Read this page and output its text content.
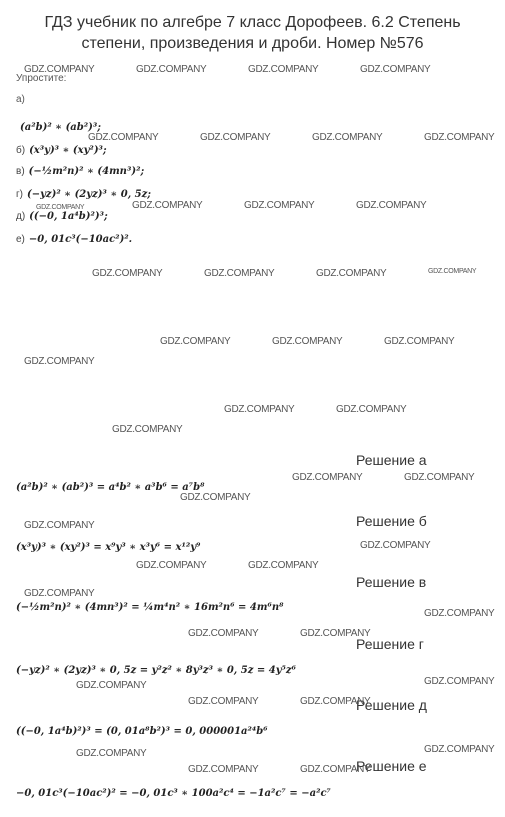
ГДЗ учебник по алгебре 7 класс Дорофеев. 6.2 Степень
степени, произведения и дроби. Номер №576
Упростите:
а)
(a²b)² ∗ (ab²)³;
б) (x³y)³ ∗ (xy²)³;
в) (−½m²n)² ∗ (4mn³)²;
г) (−yz)² ∗ (2yz)³ ∗ 0, 5z;
д) ((−0, 1a⁴b)²)³;
е) −0, 01c³(−10ac²)².
Решение а
(a²b)² ∗ (ab²)³ = a⁴b² ∗ a³b⁶ = a⁷b⁸
Решение б
(x³y)³ ∗ (xy²)³ = x⁹y³ ∗ x³y⁶ = x¹²y⁹
Решение в
(−½m²n)² ∗ (4mn³)² = ¼m⁴n² ∗ 16m²n⁶ = 4m⁶n⁸
Решение г
(−yz)² ∗ (2yz)³ ∗ 0, 5z = y²z² ∗ 8y³z³ ∗ 0, 5z = 4y⁵z⁶
Решение д
((−0, 1a⁴b)²)³ = (0, 01a⁸b²)³ = 0, 000001a²⁴b⁶
Решение е
−0, 01c³(−10ac²)² = −0, 01c³ ∗ 100a²c⁴ = −1a²c⁷ = −a²c⁷
GDZ.COMPANY	GDZ.COMPANY	GDZ.COMPANY	GDZ.COMPANY
GDZ.COMPANY	GDZ.COMPANY	GDZ.COMPANY	GDZ.COMPANY
GDZ.COMPANY	GDZ.COMPANY	GDZ.COMPANY	GDZ.COMPANY
GDZ.COMPANY	GDZ.COMPANY	GDZ.COMPANY	GDZ.COMPANY
GDZ.COMPANY	GDZ.COMPANY	GDZ.COMPANY
GDZ.COMPANY
GDZ.COMPANY	GDZ.COMPANY
GDZ.COMPANY
GDZ.COMPANY	GDZ.COMPANY
GDZ.COMPANY
GDZ.COMPANY
GDZ.COMPANY
GDZ.COMPANY	GDZ.COMPANY
GDZ.COMPANY
GDZ.COMPANY
GDZ.COMPANY	GDZ.COMPANY
GDZ.COMPANY
GDZ.COMPANY
GDZ.COMPANY	GDZ.COMPANY
GDZ.COMPANY
GDZ.COMPANY
GDZ.COMPANY	GDZ.COMPANY
